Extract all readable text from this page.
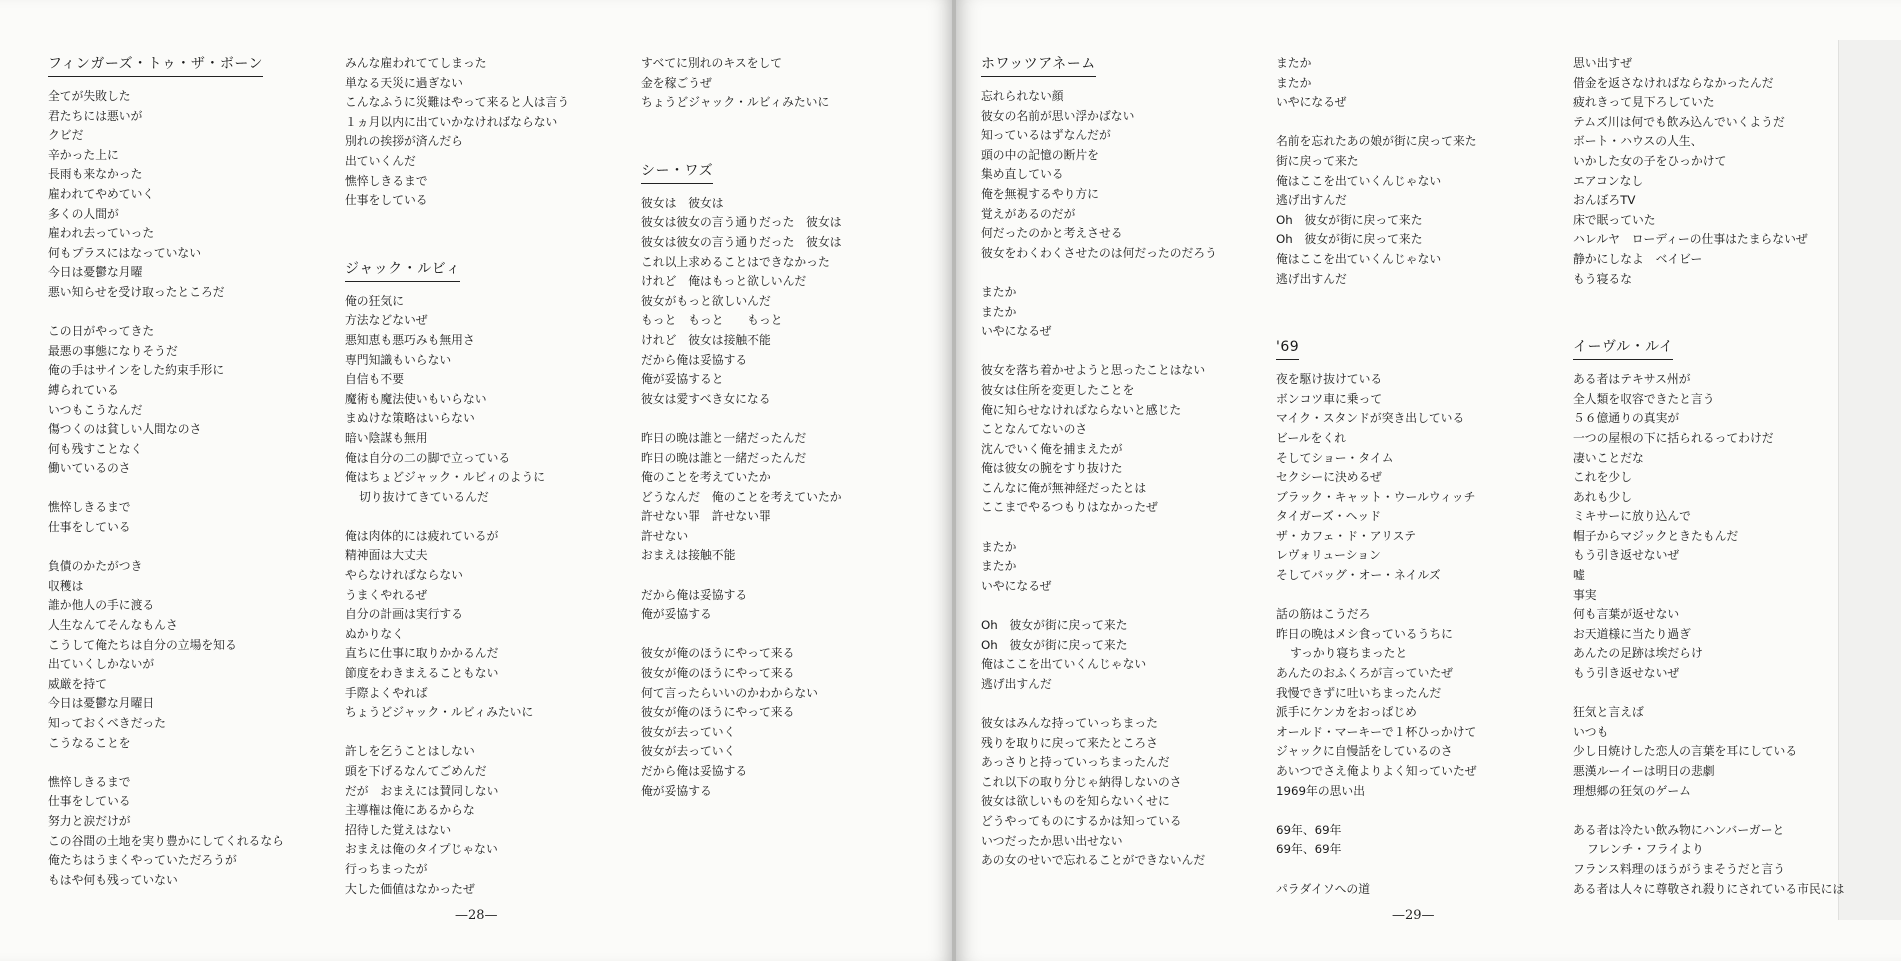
フィンガーズ・トゥ・ザ・ボーン
全てが失敗した
君たちには悪いが
クビだ
辛かった上に
長雨も来なかった
雇われてやめていく
多くの人間が
雇われ去っていった
何もプラスにはなっていない
今日は憂鬱な月曜
悪い知らせを受け取ったところだ
この日がやってきた
最悪の事態になりそうだ
俺の手はサインをした約束手形に
縛られている
いつもこうなんだ
傷つくのは貧しい人間なのさ
何も残すことなく
働いているのさ
憔悴しきるまで
仕事をしている
負債のかたがつき
収穫は
誰か他人の手に渡る
人生なんてそんなもんさ
こうして俺たちは自分の立場を知る
出ていくしかないが
威厳を持て
今日は憂鬱な月曜日
知っておくべきだった
こうなることを
憔悴しきるまで
仕事をしている
努力と涙だけが
この谷間の土地を実り豊かにしてくれるなら
俺たちはうまくやっていただろうが
もはや何も残っていない
みんな雇われててしまった
単なる天災に過ぎない
こんなふうに災難はやって来ると人は言う
１ヵ月以内に出ていかなければならない
別れの挨拶が済んだら
出ていくんだ
憔悴しきるまで
仕事をしている
ジャック・ルビィ
俺の狂気に
方法などないぜ
悪知恵も悪巧みも無用さ
専門知識もいらない
自信も不要
魔術も魔法使いもいらない
まぬけな策略はいらない
暗い陰謀も無用
俺は自分の二の脚で立っている
俺はちょどジャック・ルビィのように
切り抜けてきているんだ
俺は肉体的には疲れているが
精神面は大丈夫
やらなければならない
うまくやれるぜ
自分の計画は実行する
ぬかりなく
直ちに仕事に取りかかるんだ
節度をわきまえることもない
手際よくやれば
ちょうどジャック・ルビィみたいに
許しを乞うことはしない
頭を下げるなんてごめんだ
だが　おまえには賛同しない
主導権は俺にあるからな
招待した覚えはない
おまえは俺のタイプじゃない
行っちまったが
大した価値はなかったぜ
すべてに別れのキスをして
金を稼ごうぜ
ちょうどジャック・ルビィみたいに
シー・ワズ
彼女は　彼女は
彼女は彼女の言う通りだった　彼女は
彼女は彼女の言う通りだった　彼女は
これ以上求めることはできなかった
けれど　俺はもっと欲しいんだ
彼女がもっと欲しいんだ
もっと　もっと　　もっと
けれど　彼女は接触不能
だから俺は妥協する
俺が妥協すると
彼女は愛すべき女になる
昨日の晩は誰と一緒だったんだ
昨日の晩は誰と一緒だったんだ
俺のことを考えていたか
どうなんだ　俺のことを考えていたか
許せない罪　許せない罪
許せない
おまえは接触不能
だから俺は妥協する
俺が妥協する
彼女が俺のほうにやって来る
彼女が俺のほうにやって来る
何て言ったらいいのかわからない
彼女が俺のほうにやって来る
彼女が去っていく
彼女が去っていく
だから俺は妥協する
俺が妥協する
—28—
ホワッツアネーム
忘れられない顔
彼女の名前が思い浮かばない
知っているはずなんだが
頭の中の記憶の断片を
集め直している
俺を無視するやり方に
覚えがあるのだが
何だったのかと考えさせる
彼女をわくわくさせたのは何だったのだろう
またか
またか
いやになるぜ
彼女を落ち着かせようと思ったことはない
彼女は住所を変更したことを
俺に知らせなければならないと感じた
ことなんてないのさ
沈んでいく俺を捕まえたが
俺は彼女の腕をすり抜けた
こんなに俺が無神経だったとは
ここまでやるつもりはなかったぜ
またか
またか
いやになるぜ
Oh　彼女が街に戻って来た
Oh　彼女が街に戻って来た
俺はここを出ていくんじゃない
逃げ出すんだ
彼女はみんな持っていっちまった
残りを取りに戻って来たところさ
あっさりと持っていっちまったんだ
これ以下の取り分じゃ納得しないのさ
彼女は欲しいものを知らないくせに
どうやってものにするかは知っている
いつだったか思い出せない
あの女のせいで忘れることができないんだ
またか
またか
いやになるぜ
名前を忘れたあの娘が街に戻って来た
街に戻って来た
俺はここを出ていくんじゃない
逃げ出すんだ
Oh　彼女が街に戻って来た
Oh　彼女が街に戻って来た
俺はここを出ていくんじゃない
逃げ出すんだ
'69
夜を駆け抜けている
ボンコツ車に乗って
マイク・スタンドが突き出している
ビールをくれ
そしてショー・タイム
セクシーに決めるぜ
ブラック・キャット・ウールウィッチ
タイガーズ・ヘッド
ザ・カフェ・ド・アリステ
レヴォリューション
そしてバッグ・オー・ネイルズ
話の筋はこうだろ
昨日の晩はメシ食っているうちに
すっかり寝ちまったと
あんたのおふくろが言っていたぜ
我慢できずに吐いちまったんだ
派手にケンカをおっぱじめ
オールド・マーキーで１杯ひっかけて
ジャックに自慢話をしているのさ
あいつでさえ俺よりよく知っていたぜ
1969年の思い出
69年、69年
69年、69年
パラダイソへの道
思い出すぜ
借金を返さなければならなかったんだ
疲れきって見下ろしていた
テムズ川は何でも飲み込んでいくようだ
ボート・ハウスの人生、
いかした女の子をひっかけて
エアコンなし
おんぼろTV
床で眠っていた
ハレルヤ　ローディーの仕事はたまらないぜ
静かにしなよ　ベイビー
もう寝るな
イーヴル・ルイ
ある者はテキサス州が
全人類を収容できたと言う
５６億通りの真実が
一つの屋根の下に括られるってわけだ
凄いことだな
これを少し
あれも少し
ミキサーに放り込んで
帽子からマジックときたもんだ
もう引き返せないぜ
嘘
事実
何も言葉が返せない
お天道様に当たり過ぎ
あんたの足跡は埃だらけ
もう引き返せないぜ
狂気と言えば
いつも
少し日焼けした恋人の言葉を耳にしている
悪漢ルーイーは明日の悲劇
理想郷の狂気のゲーム
ある者は冷たい飲み物にハンバーガーと
フレンチ・フライより
フランス料理のほうがうまそうだと言う
ある者は人々に尊敬され殺りにされている市民には
—29—
